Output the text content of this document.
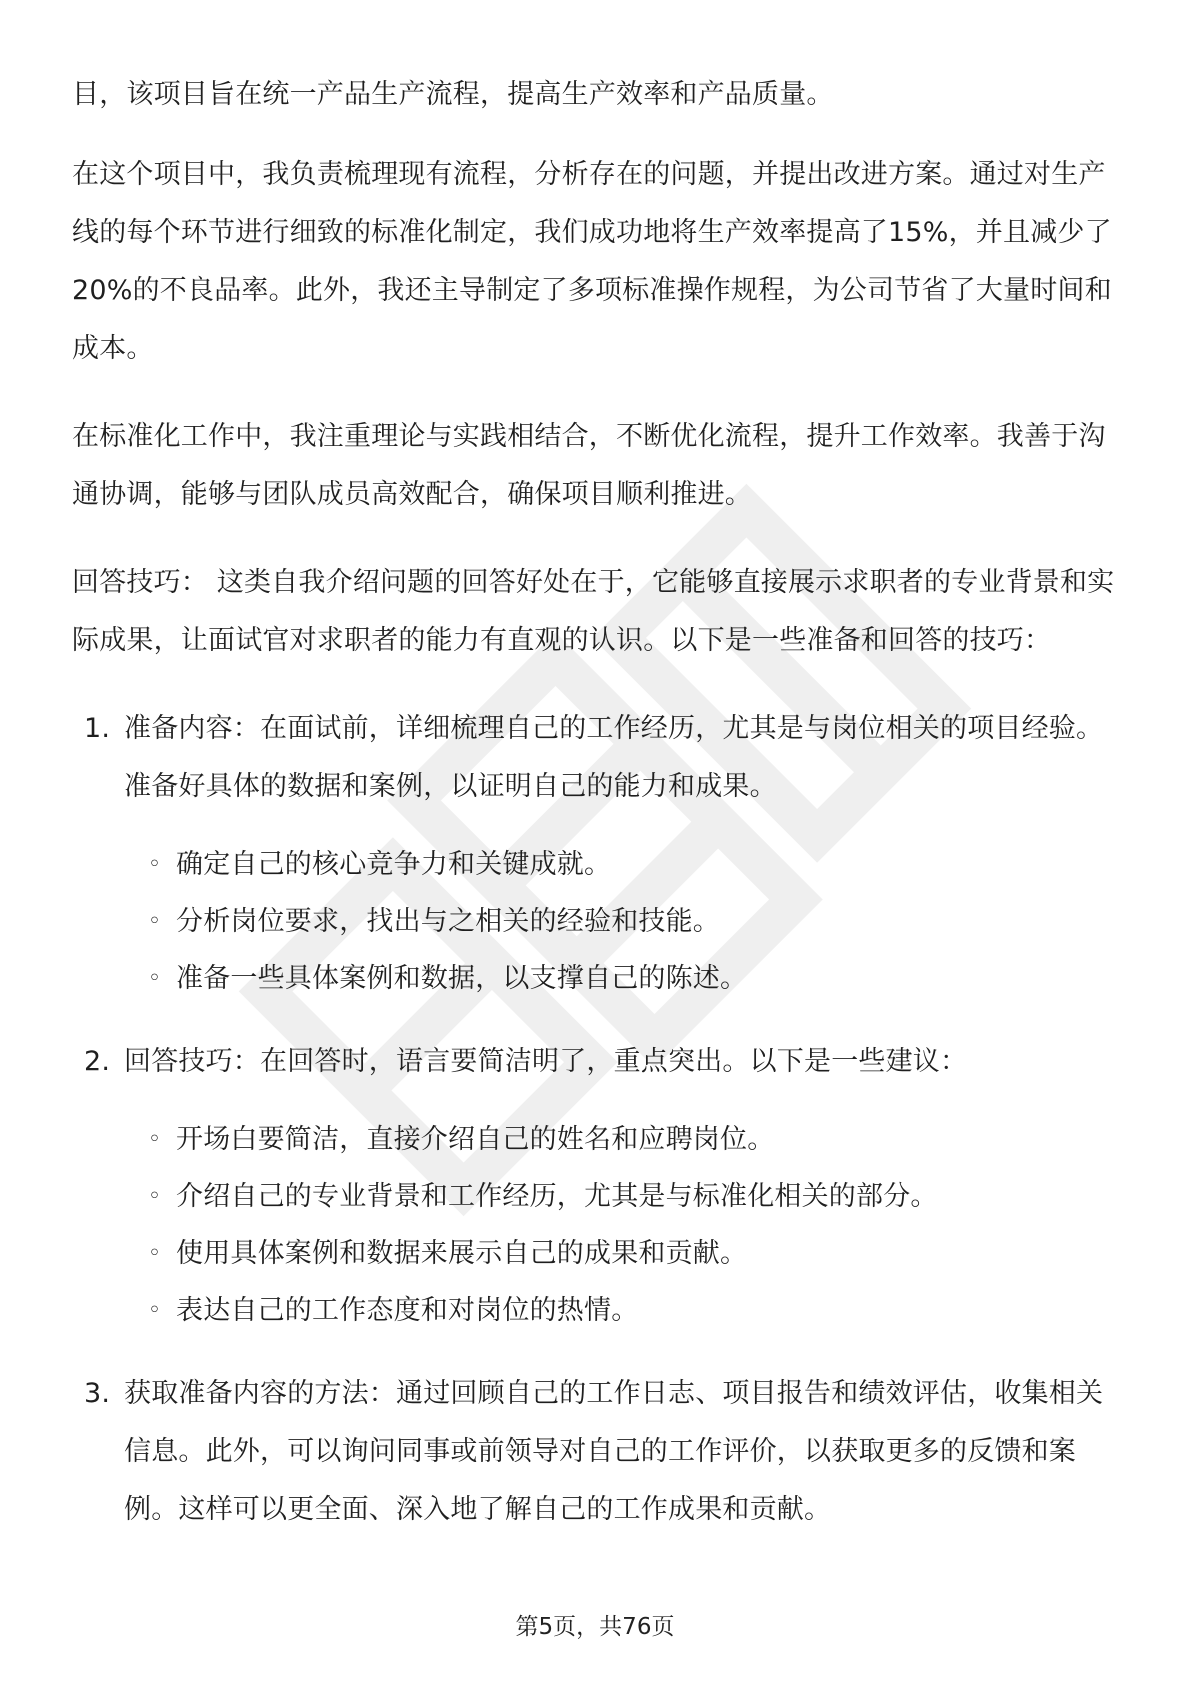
目，该项目旨在统一产品生产流程，提高生产效率和产品质量。

在这个项目中，我负责梳理现有流程，分析存在的问题，并提出改进方案。通过对生产线的每个环节进行细致的标准化制定，我们成功地将生产效率提高了15%，并且减少了20%的不良品率。此外，我还主导制定了多项标准操作规程，为公司节省了大量时间和成本。

在标准化工作中，我注重理论与实践相结合，不断优化流程，提升工作效率。我善于沟通协调，能够与团队成员高效配合，确保项目顺利推进。

回答技巧： 这类自我介绍问题的回答好处在于，它能够直接展示求职者的专业背景和实际成果，让面试官对求职者的能力有直观的认识。以下是一些准备和回答的技巧：

1. 准备内容：在面试前，详细梳理自己的工作经历，尤其是与岗位相关的项目经验。准备好具体的数据和案例，以证明自己的能力和成果。
◦ 确定自己的核心竞争力和关键成就。
◦ 分析岗位要求，找出与之相关的经验和技能。
◦ 准备一些具体案例和数据，以支撑自己的陈述。
2. 回答技巧：在回答时，语言要简洁明了，重点突出。以下是一些建议：
◦ 开场白要简洁，直接介绍自己的姓名和应聘岗位。
◦ 介绍自己的专业背景和工作经历，尤其是与标准化相关的部分。
◦ 使用具体案例和数据来展示自己的成果和贡献。
◦ 表达自己的工作态度和对岗位的热情。
3. 获取准备内容的方法：通过回顾自己的工作日志、项目报告和绩效评估，收集相关信息。此外，可以询问同事或前领导对自己的工作评价，以获取更多的反馈和案例。这样可以更全面、深入地了解自己的工作成果和贡献。
第5页，共76页
